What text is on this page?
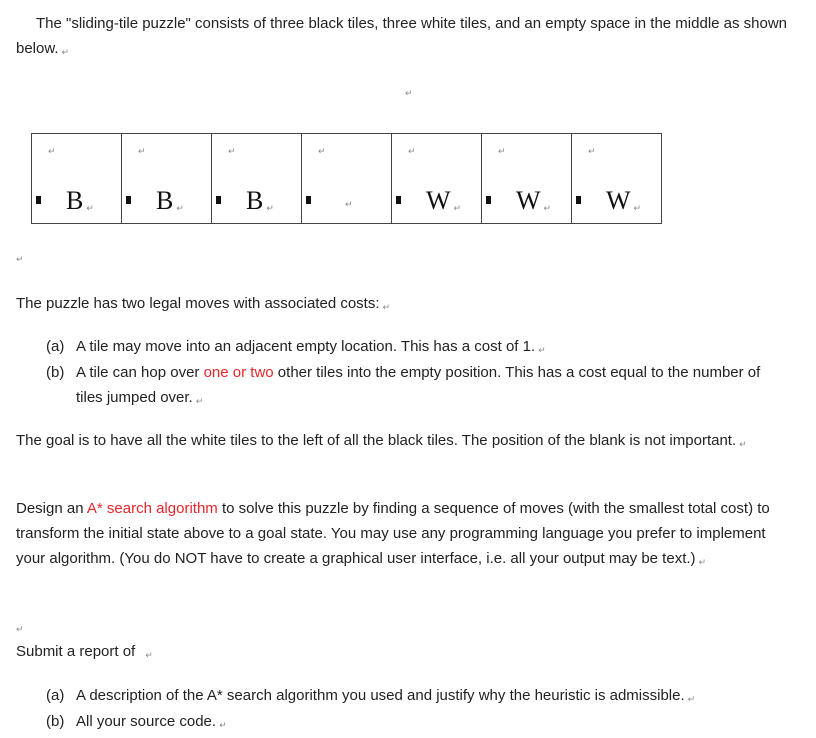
The "sliding-tile puzzle" consists of three black tiles, three white tiles, and an empty space in the middle as shown below. ↵
↵
↵
B ↵
↵
B ↵
↵
B ↵
↵
↵
↵
W ↵
↵
W ↵
↵
W ↵
↵
The puzzle has two legal moves with associated costs: ↵
(a) A tile may move into an adjacent empty location. This has a cost of 1. ↵
(b) A tile can hop over one or two other tiles into the empty position. This has a cost equal to the number of tiles jumped over. ↵
The goal is to have all the white tiles to the left of all the black tiles. The position of the blank is not important. ↵
Design an A* search algorithm to solve this puzzle by finding a sequence of moves (with the smallest total cost) to transform the initial state above to a goal state. You may use any programming language you prefer to implement your algorithm. (You do NOT have to create a graphical user interface, i.e. all your output may be text.) ↵
↵
Submit a report of ↵
(a) A description of the A* search algorithm you used and justify why the heuristic is admissible. ↵
(b) All your source code. ↵
